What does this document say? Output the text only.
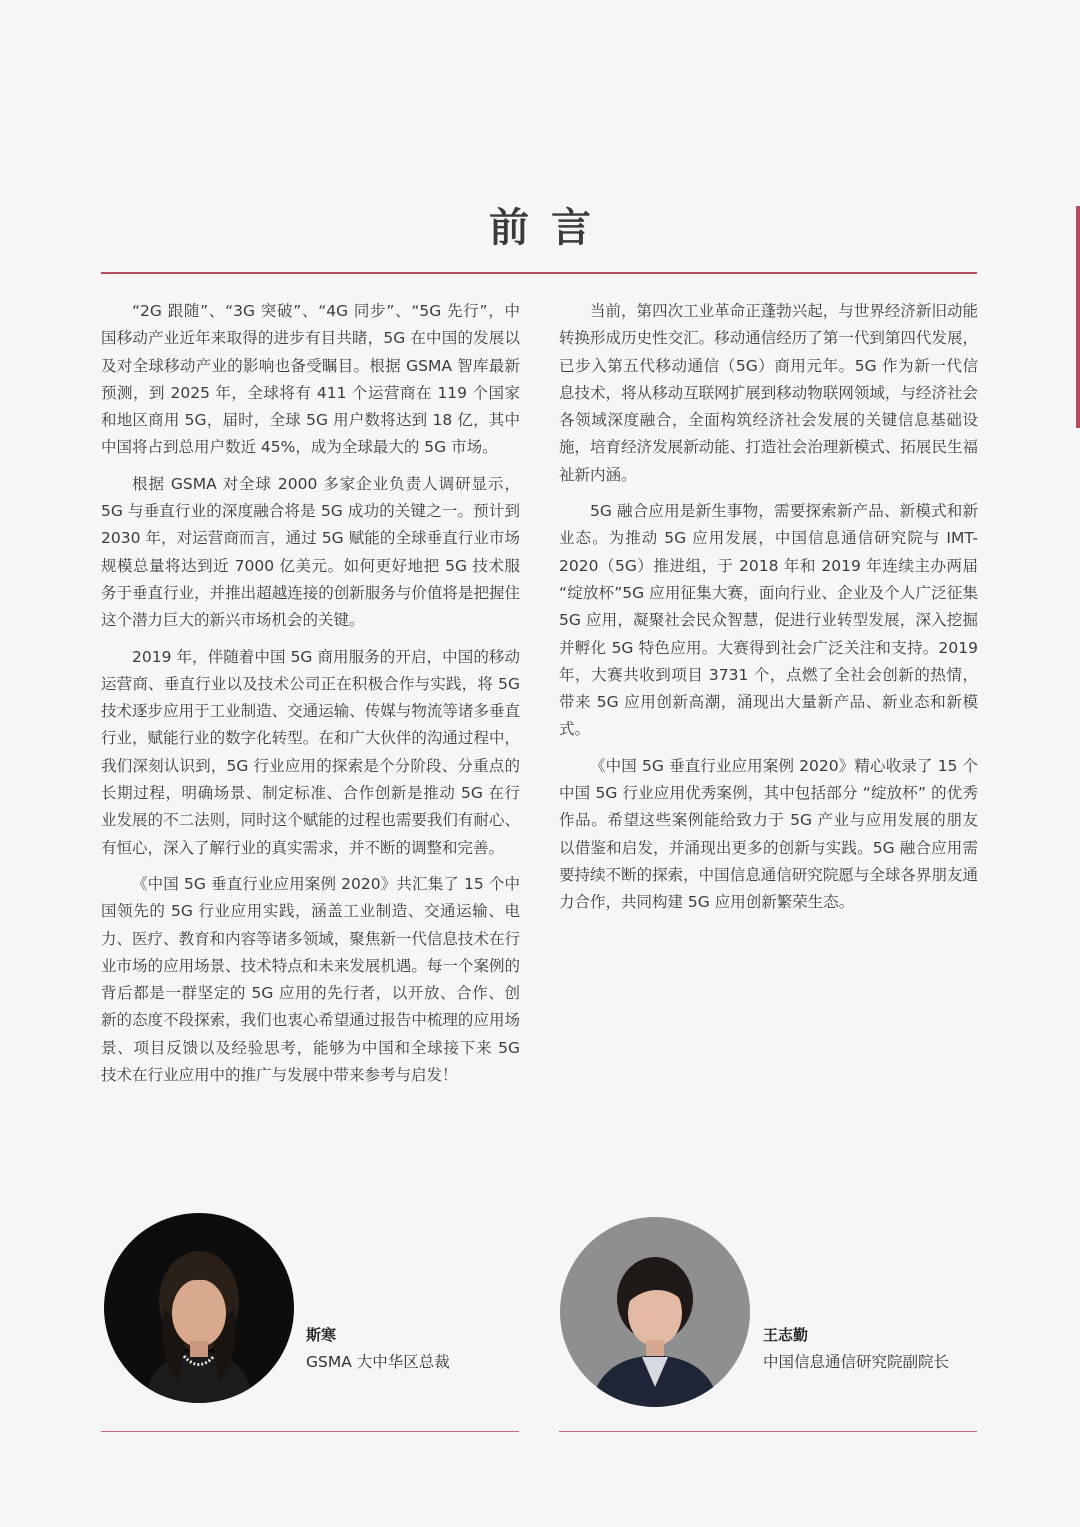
前言

“2G 跟随”、“3G 突破”、“4G 同步”、“5G 先行”，中国移动产业近年来取得的进步有目共睹，5G 在中国的发展以及对全球移动产业的影响也备受瞩目。根据 GSMA 智库最新预测，到 2025 年，全球将有 411 个运营商在 119 个国家和地区商用 5G，届时，全球 5G 用户数将达到 18 亿，其中中国将占到总用户数近 45%，成为全球最大的 5G 市场。

根据 GSMA 对全球 2000 多家企业负责人调研显示，5G 与垂直行业的深度融合将是 5G 成功的关键之一。预计到 2030 年，对运营商而言，通过 5G 赋能的全球垂直行业市场规模总量将达到近 7000 亿美元。如何更好地把 5G 技术服务于垂直行业，并推出超越连接的创新服务与价值将是把握住这个潜力巨大的新兴市场机会的关键。

2019 年，伴随着中国 5G 商用服务的开启，中国的移动运营商、垂直行业以及技术公司正在积极合作与实践，将 5G 技术逐步应用于工业制造、交通运输、传媒与物流等诸多垂直行业，赋能行业的数字化转型。在和广大伙伴的沟通过程中，我们深刻认识到，5G 行业应用的探索是个分阶段、分重点的长期过程，明确场景、制定标准、合作创新是推动 5G 在行业发展的不二法则，同时这个赋能的过程也需要我们有耐心、有恒心，深入了解行业的真实需求，并不断的调整和完善。

《中国 5G 垂直行业应用案例 2020》共汇集了 15 个中国领先的 5G 行业应用实践，涵盖工业制造、交通运输、电力、医疗、教育和内容等诸多领域，聚焦新一代信息技术在行业市场的应用场景、技术特点和未来发展机遇。每一个案例的背后都是一群坚定的 5G 应用的先行者，以开放、合作、创新的态度不段探索，我们也衷心希望通过报告中梳理的应用场景、项目反馈以及经验思考，能够为中国和全球接下来 5G 技术在行业应用中的推广与发展中带来参考与启发！

当前，第四次工业革命正蓬勃兴起，与世界经济新旧动能转换形成历史性交汇。移动通信经历了第一代到第四代发展，已步入第五代移动通信（5G）商用元年。5G 作为新一代信息技术，将从移动互联网扩展到移动物联网领域，与经济社会各领域深度融合，全面构筑经济社会发展的关键信息基础设施，培育经济发展新动能、打造社会治理新模式、拓展民生福祉新内涵。

5G 融合应用是新生事物，需要探索新产品、新模式和新业态。为推动 5G 应用发展，中国信息通信研究院与 IMT-2020（5G）推进组，于 2018 年和 2019 年连续主办两届 “绽放杯”5G 应用征集大赛，面向行业、企业及个人广泛征集 5G 应用，凝聚社会民众智慧，促进行业转型发展，深入挖掘并孵化 5G 特色应用。大赛得到社会广泛关注和支持。2019 年，大赛共收到项目 3731 个，点燃了全社会创新的热情，带来 5G 应用创新高潮，涌现出大量新产品、新业态和新模式。

《中国 5G 垂直行业应用案例 2020》精心收录了 15 个中国 5G 行业应用优秀案例，其中包括部分 “绽放杯” 的优秀作品。希望这些案例能给致力于 5G 产业与应用发展的朋友以借鉴和启发，并涌现出更多的创新与实践。5G 融合应用需要持续不断的探索，中国信息通信研究院愿与全球各界朋友通力合作，共同构建 5G 应用创新繁荣生态。

斯寒
GSMA 大中华区总裁
王志勤
中国信息通信研究院副院长
